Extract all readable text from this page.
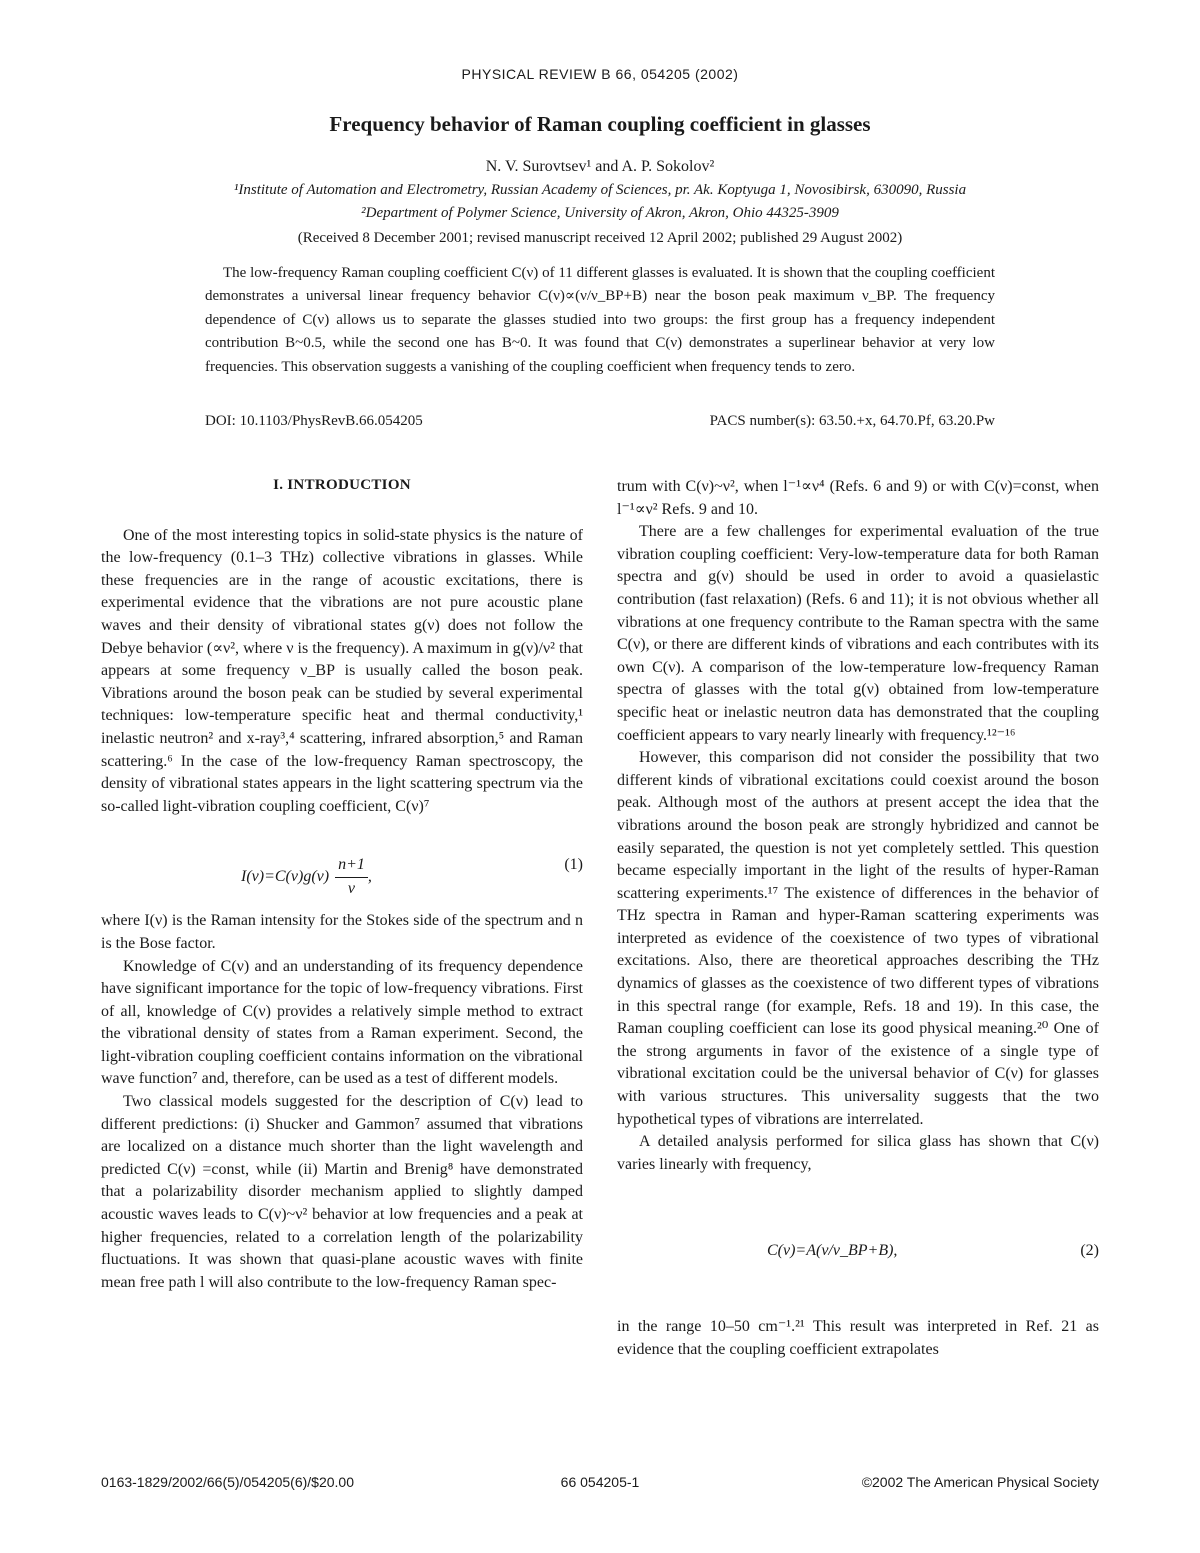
PHYSICAL REVIEW B 66, 054205 (2002)
Frequency behavior of Raman coupling coefficient in glasses
N. V. Surovtsev¹ and A. P. Sokolov²
¹Institute of Automation and Electrometry, Russian Academy of Sciences, pr. Ak. Koptyuga 1, Novosibirsk, 630090, Russia
²Department of Polymer Science, University of Akron, Akron, Ohio 44325-3909
(Received 8 December 2001; revised manuscript received 12 April 2002; published 29 August 2002)

The low-frequency Raman coupling coefficient C(ν) of 11 different glasses is evaluated. It is shown that the coupling coefficient demonstrates a universal linear frequency behavior C(ν)∝(ν/ν_BP+B) near the boson peak maximum ν_BP. The frequency dependence of C(ν) allows us to separate the glasses studied into two groups: the first group has a frequency independent contribution B~0.5, while the second one has B~0. It was found that C(ν) demonstrates a superlinear behavior at very low frequencies. This observation suggests a vanishing of the coupling coefficient when frequency tends to zero.

DOI: 10.1103/PhysRevB.66.054205	PACS number(s): 63.50.+x, 64.70.Pf, 63.20.Pw
I. INTRODUCTION

One of the most interesting topics in solid-state physics is the nature of the low-frequency (0.1–3 THz) collective vibrations in glasses. While these frequencies are in the range of acoustic excitations, there is experimental evidence that the vibrations are not pure acoustic plane waves and their density of vibrational states g(ν) does not follow the Debye behavior (∝ν², where ν is the frequency). A maximum in g(ν)/ν² that appears at some frequency ν_BP is usually called the boson peak. Vibrations around the boson peak can be studied by several experimental techniques: low-temperature specific heat and thermal conductivity,¹ inelastic neutron² and x-ray³,⁴ scattering, infrared absorption,⁵ and Raman scattering.⁶ In the case of the low-frequency Raman spectroscopy, the density of vibrational states appears in the light scattering spectrum via the so-called light-vibration coupling coefficient, C(ν)⁷

$I(\nu)=C(\nu)g(\nu) \frac{n+1}{\nu}$ ,
(1)

where I(ν) is the Raman intensity for the Stokes side of the spectrum and n is the Bose factor.

Knowledge of C(ν) and an understanding of its frequency dependence have significant importance for the topic of low-frequency vibrations. First of all, knowledge of C(ν) provides a relatively simple method to extract the vibrational density of states from a Raman experiment. Second, the light-vibration coupling coefficient contains information on the vibrational wave function⁷ and, therefore, can be used as a test of different models.

Two classical models suggested for the description of C(ν) lead to different predictions: (i) Shucker and Gammon⁷ assumed that vibrations are localized on a distance much shorter than the light wavelength and predicted C(ν) =const, while (ii) Martin and Brenig⁸ have demonstrated that a polarizability disorder mechanism applied to slightly damped acoustic waves leads to C(ν)~ν² behavior at low frequencies and a peak at higher frequencies, related to a correlation length of the polarizability fluctuations. It was shown that quasi-plane acoustic waves with finite mean free path l will also contribute to the low-frequency Raman spec-

trum with C(ν)~ν², when l⁻¹∝ν⁴ (Refs. 6 and 9) or with C(ν)=const, when l⁻¹∝ν² Refs. 9 and 10.

There are a few challenges for experimental evaluation of the true vibration coupling coefficient: Very-low-temperature data for both Raman spectra and g(ν) should be used in order to avoid a quasielastic contribution (fast relaxation) (Refs. 6 and 11); it is not obvious whether all vibrations at one frequency contribute to the Raman spectra with the same C(ν), or there are different kinds of vibrations and each contributes with its own C(ν). A comparison of the low-temperature low-frequency Raman spectra of glasses with the total g(ν) obtained from low-temperature specific heat or inelastic neutron data has demonstrated that the coupling coefficient appears to vary nearly linearly with frequency.¹²⁻¹⁶

However, this comparison did not consider the possibility that two different kinds of vibrational excitations could coexist around the boson peak. Although most of the authors at present accept the idea that the vibrations around the boson peak are strongly hybridized and cannot be easily separated, the question is not yet completely settled. This question became especially important in the light of the results of hyper-Raman scattering experiments.¹⁷ The existence of differences in the behavior of THz spectra in Raman and hyper-Raman scattering experiments was interpreted as evidence of the coexistence of two types of vibrational excitations. Also, there are theoretical approaches describing the THz dynamics of glasses as the coexistence of two different types of vibrations in this spectral range (for example, Refs. 18 and 19). In this case, the Raman coupling coefficient can lose its good physical meaning.²⁰ One of the strong arguments in favor of the existence of a single type of vibrational excitation could be the universal behavior of C(ν) for glasses with various structures. This universality suggests that the two hypothetical types of vibrations are interrelated.

A detailed analysis performed for silica glass has shown that C(ν) varies linearly with frequency,

C(ν)=A(ν/ν_BP+B),	(2)

in the range 10–50 cm⁻¹.²¹ This result was interpreted in Ref. 21 as evidence that the coupling coefficient extrapolates

0163-1829/2002/66(5)/054205(6)/$20.00	66 054205-1	©2002 The American Physical Society
